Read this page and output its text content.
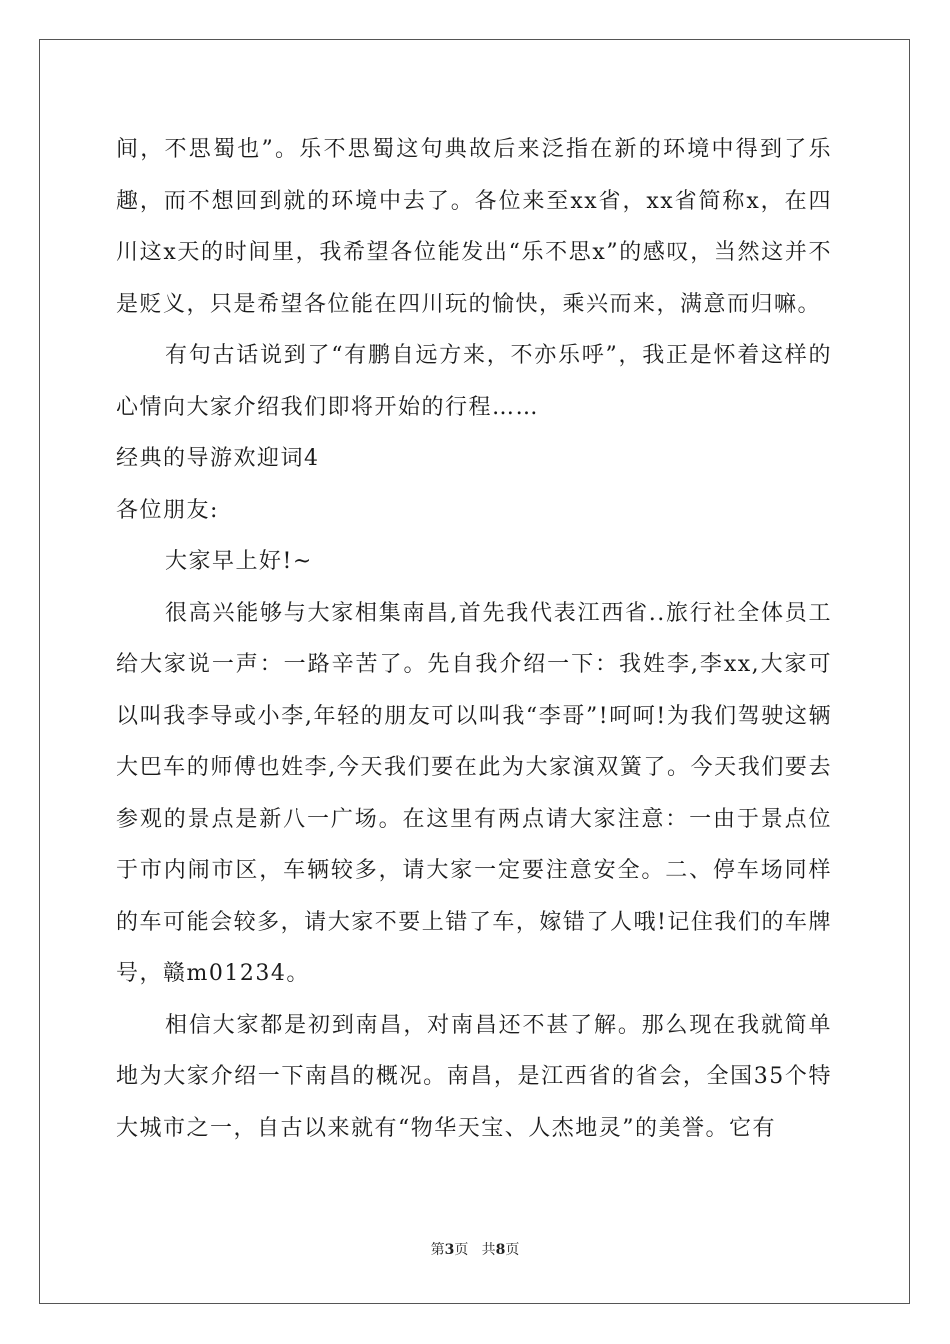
间，不思蜀也”。乐不思蜀这句典故后来泛指在新的环境中得到了乐趣，而不想回到就的环境中去了。各位来至xx省，xx省简称x，在四川这x天的时间里，我希望各位能发出“乐不思x”的感叹，当然这并不是贬义，只是希望各位能在四川玩的愉快，乘兴而来，满意而归嘛。

有句古话说到了“有鹏自远方来，不亦乐呼”，我正是怀着这样的心情向大家介绍我们即将开始的行程……

经典的导游欢迎词4

各位朋友:

大家早上好!~

很高兴能够与大家相集南昌,首先我代表江西省..旅行社全体员工给大家说一声：一路辛苦了。先自我介绍一下：我姓李,李xx,大家可以叫我李导或小李,年轻的朋友可以叫我“李哥”!呵呵!为我们驾驶这辆大巴车的师傅也姓李,今天我们要在此为大家演双簧了。今天我们要去参观的景点是新八一广场。在这里有两点请大家注意：一由于景点位于市内闹市区，车辆较多，请大家一定要注意安全。二、停车场同样的车可能会较多，请大家不要上错了车，嫁错了人哦!记住我们的车牌号，赣m01234。

相信大家都是初到南昌，对南昌还不甚了解。那么现在我就简单地为大家介绍一下南昌的概况。南昌，是江西省的省会，全国35个特大城市之一，自古以来就有“物华天宝、人杰地灵”的美誉。它有

第3页 共8页
